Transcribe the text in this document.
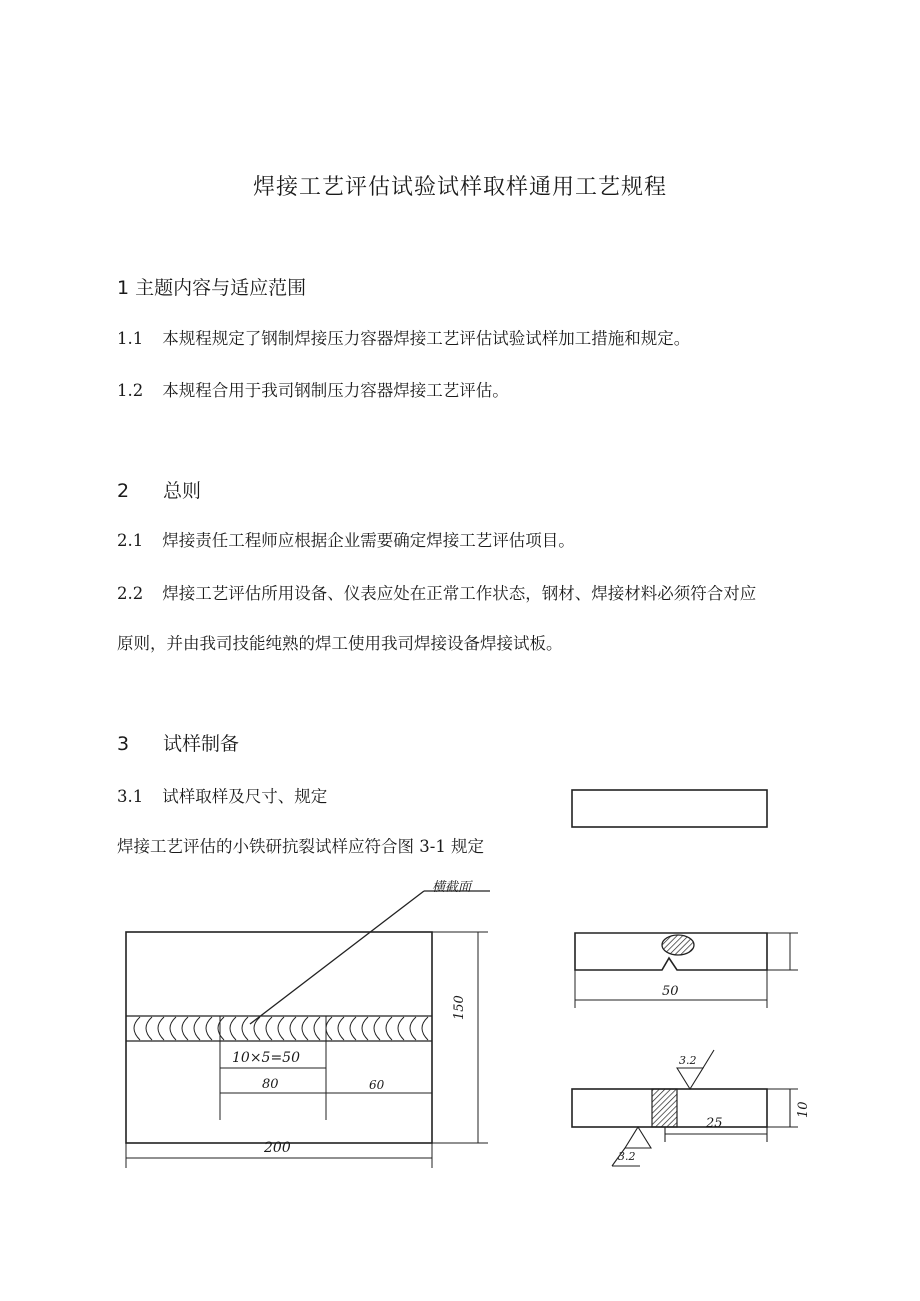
焊接工艺评估试验试样取样通用工艺规程
1 主题内容与适应范围
1.1 本规程规定了钢制焊接压力容器焊接工艺评估试验试样加工措施和规定。
1.2 本规程合用于我司钢制压力容器焊接工艺评估。
2 总则
2.1 焊接责任工程师应根据企业需要确定焊接工艺评估项目。
2.2 焊接工艺评估所用设备、仪表应处在正常工作状态，钢材、焊接材料必须符合对应
原则，并由我司技能纯熟的焊工使用我司焊接设备焊接试板。
3 试样制备
3.1 试样取样及尺寸、规定
焊接工艺评估的小铁研抗裂试样应符合图 3-1 规定
横截面
10×5=50
80	60
150
200
50
3.2
3.2
10
25
